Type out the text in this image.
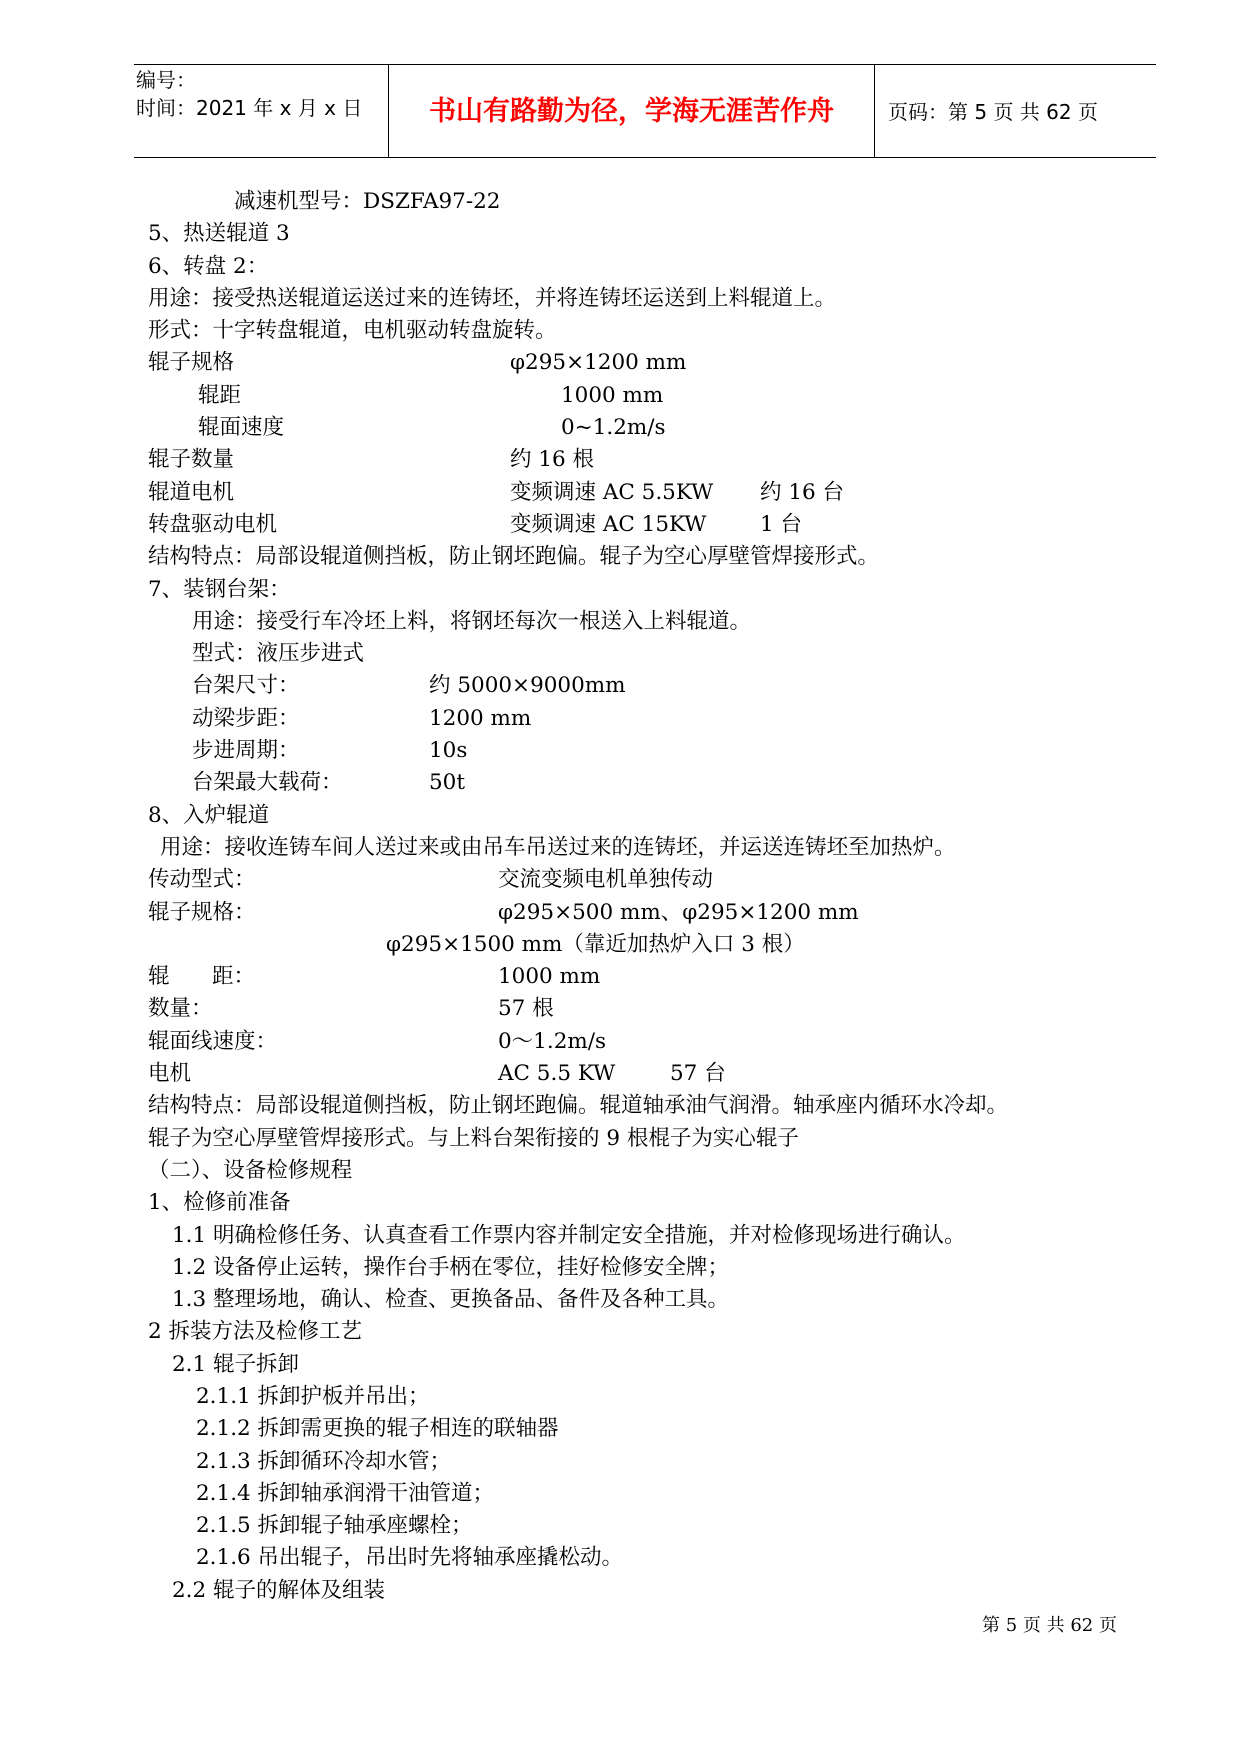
编号：
时间：2021 年 x 月 x 日	书山有路勤为径，学海无涯苦作舟	页码：第 5 页 共 62 页
减速机型号：DSZFA97-22
5、热送辊道 3
6、转盘 2：
用途：接受热送辊道运送过来的连铸坯，并将连铸坯运送到上料辊道上。
形式：十字转盘辊道，电机驱动转盘旋转。
辊子规格	φ295×1200 mm
辊距	1000 mm
辊面速度	0~1.2m/s
辊子数量	约 16 根
辊道电机	变频调速 AC 5.5KW 约 16 台
转盘驱动电机	变频调速 AC 15KW 1 台
结构特点：局部设辊道侧挡板，防止钢坯跑偏。辊子为空心厚壁管焊接形式。
7、装钢台架：
用途：接受行车冷坯上料，将钢坯每次一根送入上料辊道。
型式：液压步进式
台架尺寸：	约 5000×9000mm
动梁步距：	1200 mm
步进周期：	10s
台架最大载荷：	50t
8、入炉辊道
用途：接收连铸车间人送过来或由吊车吊送过来的连铸坯，并运送连铸坯至加热炉。
传动型式：	交流变频电机单独传动
辊子规格：	φ295×500 mm、φ295×1200 mm
φ295×1500 mm（靠近加热炉入口 3 根）
辊 距：	1000 mm
数量：	57 根
辊面线速度：	0～1.2m/s
电机	AC 5.5 KW	57 台
结构特点：局部设辊道侧挡板，防止钢坯跑偏。辊道轴承油气润滑。轴承座内循环水冷却。
辊子为空心厚壁管焊接形式。与上料台架衔接的 9 根棍子为实心辊子
（二）、设备检修规程
1、检修前准备
1.1 明确检修任务、认真查看工作票内容并制定安全措施，并对检修现场进行确认。
1.2 设备停止运转，操作台手柄在零位，挂好检修安全牌；
1.3 整理场地，确认、检查、更换备品、备件及各种工具。
2 拆装方法及检修工艺
2.1 辊子拆卸
2.1.1 拆卸护板并吊出；
2.1.2 拆卸需更换的辊子相连的联轴器
2.1.3 拆卸循环冷却水管；
2.1.4 拆卸轴承润滑干油管道；
2.1.5 拆卸辊子轴承座螺栓；
2.1.6 吊出辊子，吊出时先将轴承座撬松动。
2.2 辊子的解体及组装
第 5 页 共 62 页
